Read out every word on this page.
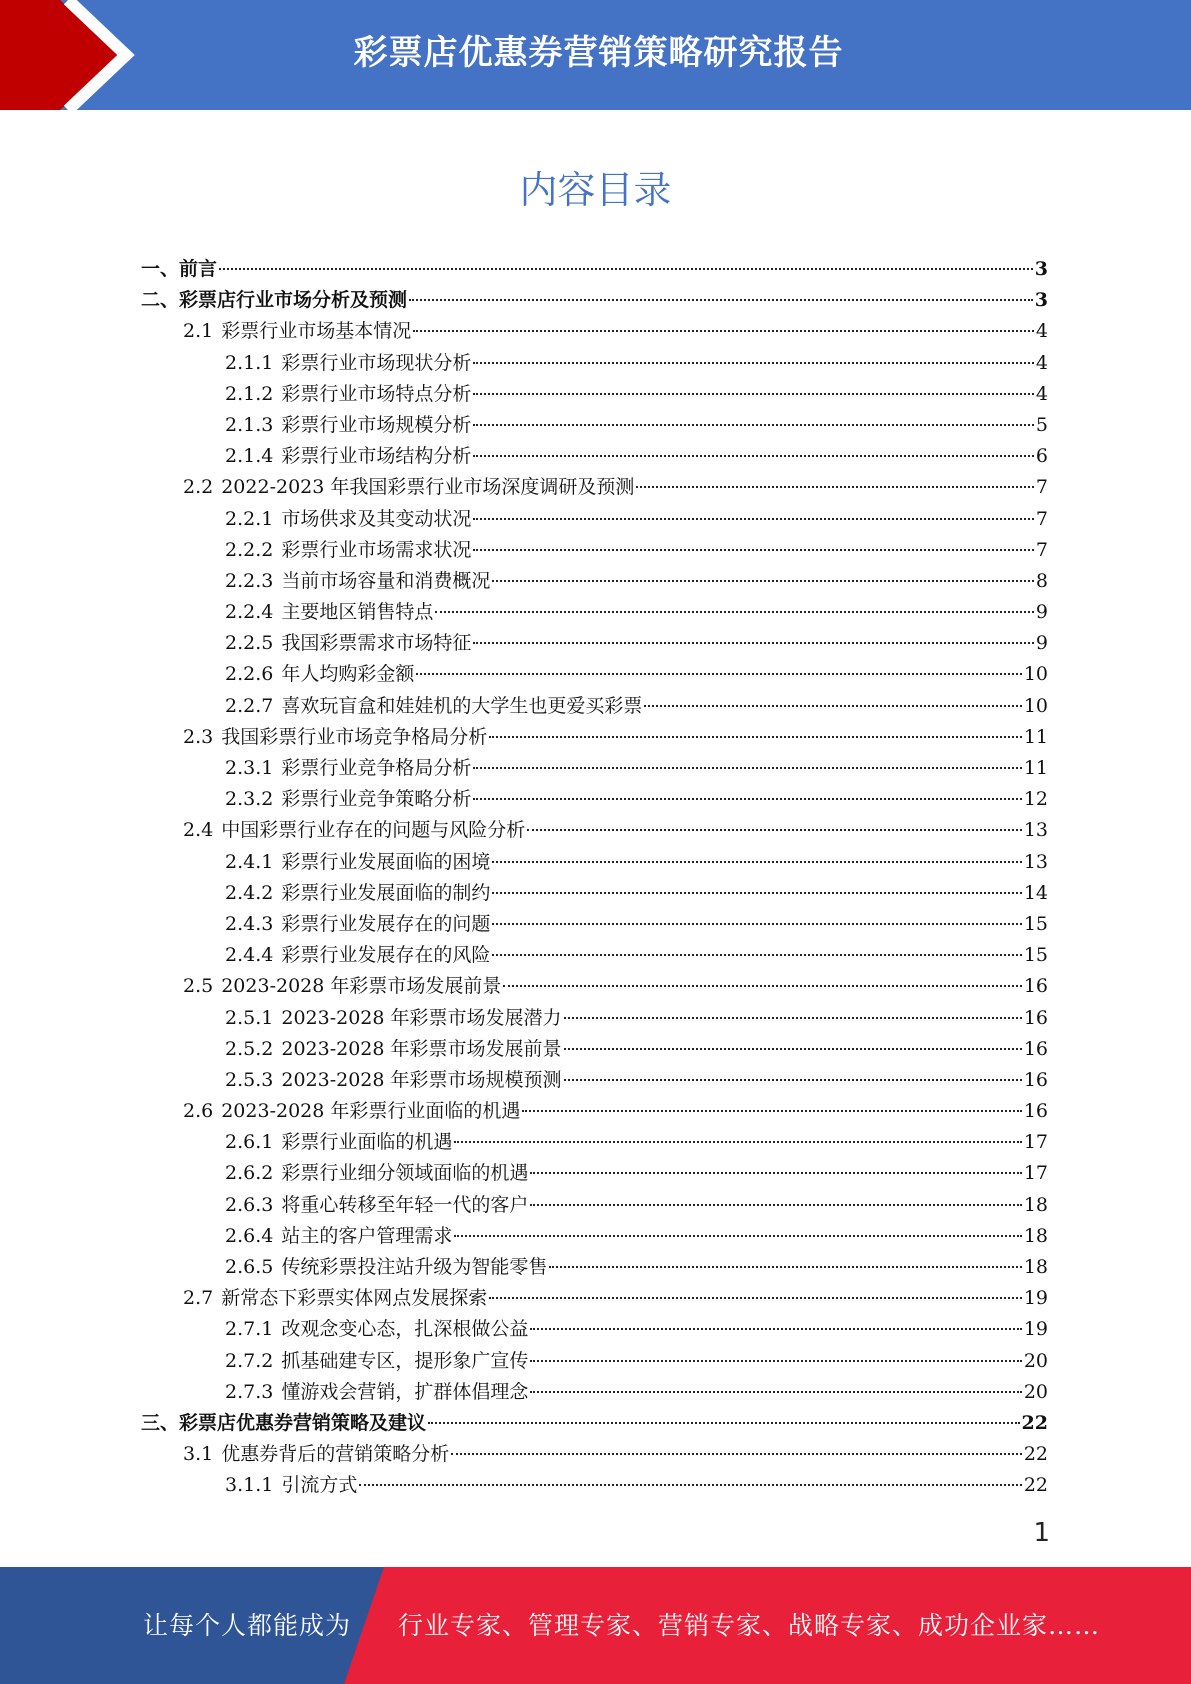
彩票店优惠券营销策略研究报告
内容目录
一、 前言	3
二、 彩票店行业市场分析及预测	3
2.1 彩票行业市场基本情况	4
2.1.1 彩票行业市场现状分析	4
2.1.2 彩票行业市场特点分析	4
2.1.3 彩票行业市场规模分析	5
2.1.4 彩票行业市场结构分析	6
2.2 2022-2023 年我国彩票行业市场深度调研及预测	7
2.2.1 市场供求及其变动状况	7
2.2.2 彩票行业市场需求状况	7
2.2.3 当前市场容量和消费概况	8
2.2.4 主要地区销售特点	9
2.2.5 我国彩票需求市场特征	9
2.2.6 年人均购彩金额	10
2.2.7 喜欢玩盲盒和娃娃机的大学生也更爱买彩票	10
2.3 我国彩票行业市场竞争格局分析	11
2.3.1 彩票行业竞争格局分析	11
2.3.2 彩票行业竞争策略分析	12
2.4 中国彩票行业存在的问题与风险分析	13
2.4.1 彩票行业发展面临的困境	13
2.4.2 彩票行业发展面临的制约	14
2.4.3 彩票行业发展存在的问题	15
2.4.4 彩票行业发展存在的风险	15
2.5 2023-2028 年彩票市场发展前景	16
2.5.1 2023-2028 年彩票市场发展潜力	16
2.5.2 2023-2028 年彩票市场发展前景	16
2.5.3 2023-2028 年彩票市场规模预测	16
2.6 2023-2028 年彩票行业面临的机遇	16
2.6.1 彩票行业面临的机遇	17
2.6.2 彩票行业细分领域面临的机遇	17
2.6.3 将重心转移至年轻一代的客户	18
2.6.4 站主的客户管理需求	18
2.6.5 传统彩票投注站升级为智能零售	18
2.7 新常态下彩票实体网点发展探索	19
2.7.1 改观念变心态，扎深根做公益	19
2.7.2 抓基础建专区，提形象广宣传	20
2.7.3 懂游戏会营销，扩群体倡理念	20
三、 彩票店优惠券营销策略及建议	22
3.1 优惠券背后的营销策略分析	22
3.1.1 引流方式	22
1
让每个人都能成为 行业专家、管理专家、营销专家、战略专家、成功企业家……
